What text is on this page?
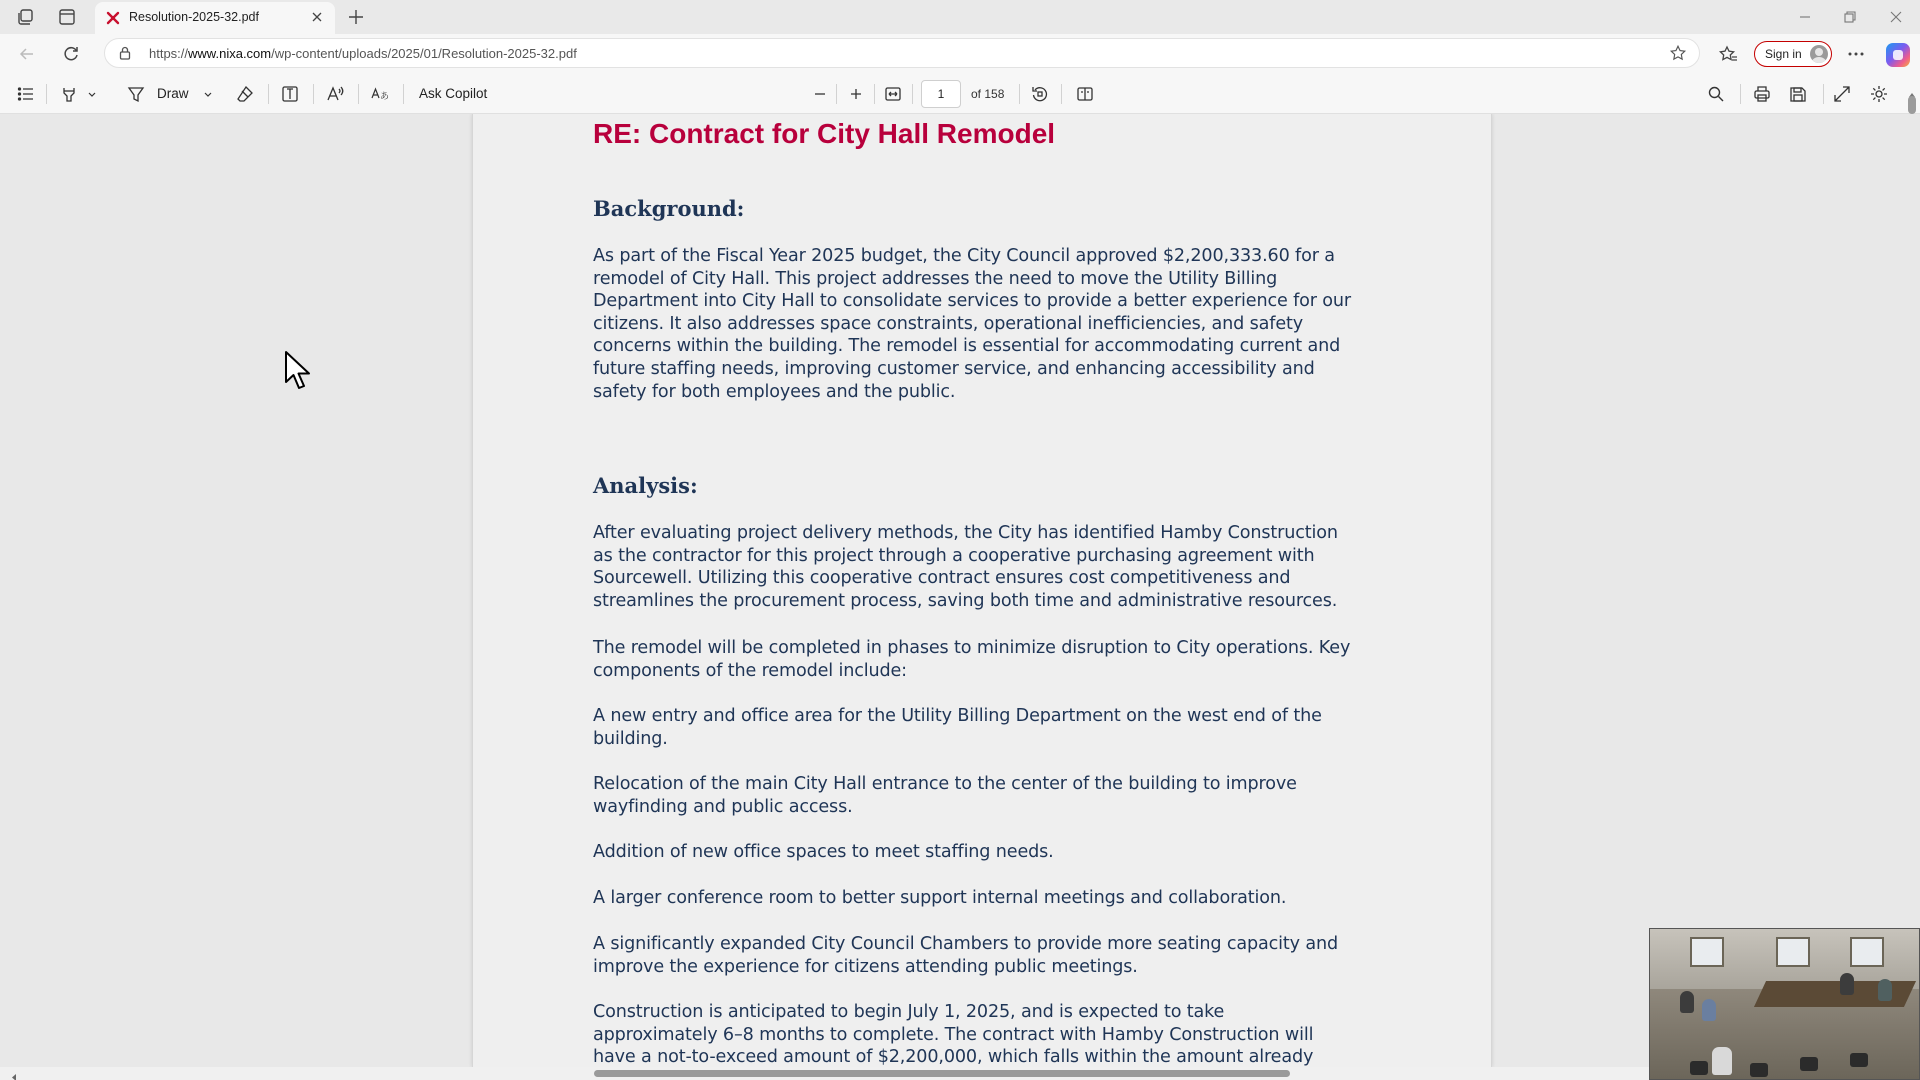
Resolution-2025-32.pdf
https://www.nixa.com/wp-content/uploads/2025/01/Resolution-2025-32.pdf	Sign in
Draw	あ Ask Copilot
1	of 158
RE: Contract for City Hall Remodel
Background:
As part of the Fiscal Year 2025 budget, the City Council approved $2,200,333.60 for a
remodel of City Hall. This project addresses the need to move the Utility Billing
Department into City Hall to consolidate services to provide a better experience for our
citizens. It also addresses space constraints, operational inefficiencies, and safety
concerns within the building. The remodel is essential for accommodating current and
future staffing needs, improving customer service, and enhancing accessibility and
safety for both employees and the public.
Analysis:
After evaluating project delivery methods, the City has identified Hamby Construction
as the contractor for this project through a cooperative purchasing agreement with
Sourcewell. Utilizing this cooperative contract ensures cost competitiveness and
streamlines the procurement process, saving both time and administrative resources.
The remodel will be completed in phases to minimize disruption to City operations. Key
components of the remodel include:
A new entry and office area for the Utility Billing Department on the west end of the
building.
Relocation of the main City Hall entrance to the center of the building to improve
wayfinding and public access.
Addition of new office spaces to meet staffing needs.
A larger conference room to better support internal meetings and collaboration.
A significantly expanded City Council Chambers to provide more seating capacity and
improve the experience for citizens attending public meetings.
Construction is anticipated to begin July 1, 2025, and is expected to take
approximately 6–8 months to complete. The contract with Hamby Construction will
have a not-to-exceed amount of $2,200,000, which falls within the amount already
